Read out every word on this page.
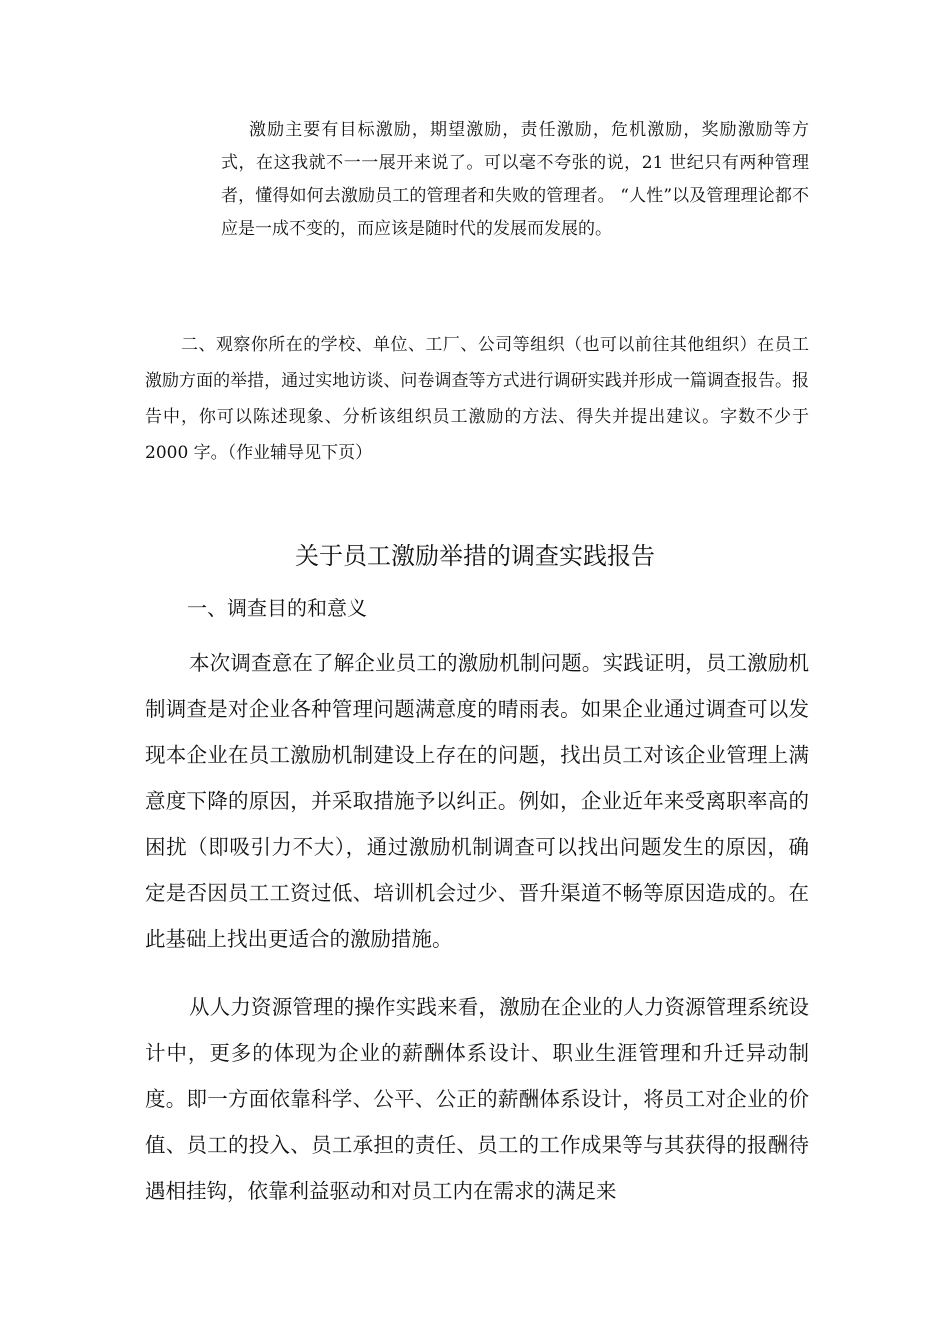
激励主要有目标激励，期望激励，责任激励，危机激励，奖励激励等方式，在这我就不一一展开来说了。可以毫不夸张的说，21 世纪只有两种管理者，懂得如何去激励员工的管理者和失败的管理者。 “人性”以及管理理论都不应是一成不变的，而应该是随时代的发展而发展的。

二、观察你所在的学校、单位、工厂、公司等组织（也可以前往其他组织）在员工激励方面的举措，通过实地访谈、问卷调查等方式进行调研实践并形成一篇调查报告。报告中，你可以陈述现象、分析该组织员工激励的方法、得失并提出建议。字数不少于 2000 字。（作业辅导见下页）

关于员工激励举措的调查实践报告
一、调查目的和意义

本次调查意在了解企业员工的激励机制问题。实践证明，员工激励机制调查是对企业各种管理问题满意度的晴雨表。如果企业通过调查可以发现本企业在员工激励机制建设上存在的问题，找出员工对该企业管理上满意度下降的原因，并采取措施予以纠正。例如，企业近年来受离职率高的困扰（即吸引力不大），通过激励机制调查可以找出问题发生的原因，确定是否因员工工资过低、培训机会过少、晋升渠道不畅等原因造成的。在此基础上找出更适合的激励措施。

从人力资源管理的操作实践来看，激励在企业的人力资源管理系统设计中，更多的体现为企业的薪酬体系设计、职业生涯管理和升迁异动制度。即一方面依靠科学、公平、公正的薪酬体系设计，将员工对企业的价值、员工的投入、员工承担的责任、员工的工作成果等与其获得的报酬待遇相挂钩，依靠利益驱动和对员工内在需求的满足来
